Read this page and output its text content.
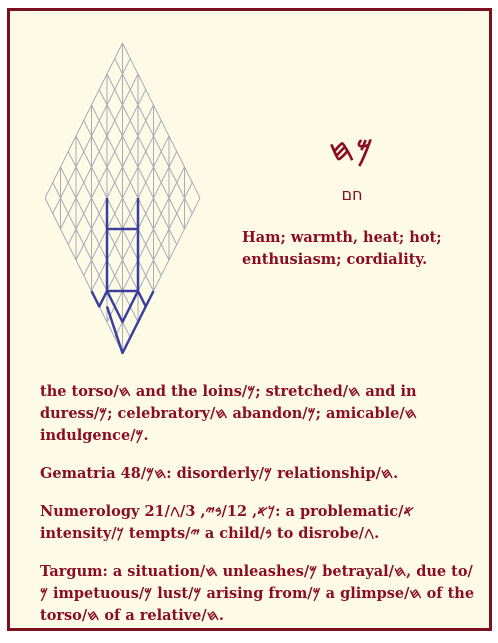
𐤌𐤇
חם
Ham; warmth, heat; hot; enthusiasm; cordiality.

the torso/𐤇 and the loins/𐤌; stretched/𐤇 and in duress/𐤌; celebratory/𐤇 abandon/𐤌; amicable/𐤇 indulgence/𐤌.

Gematria 48/𐤇𐤌: disorderly/𐤌 relationship/𐤇.

Numerology 21/𐤊𐤀, 12/𐤁𐤉, 3/𐤂: a problematic/𐤀 intensity/𐤊 tempts/𐤉 a child/𐤁 to disrobe/𐤂.

Targum: a situation/𐤇 unleashes/𐤌 betrayal/𐤇, due to/𐤌 impetuous/𐤌 lust/𐤌 arising from/𐤌 a glimpse/𐤇 of the torso/𐤇 of a relative/𐤇.
